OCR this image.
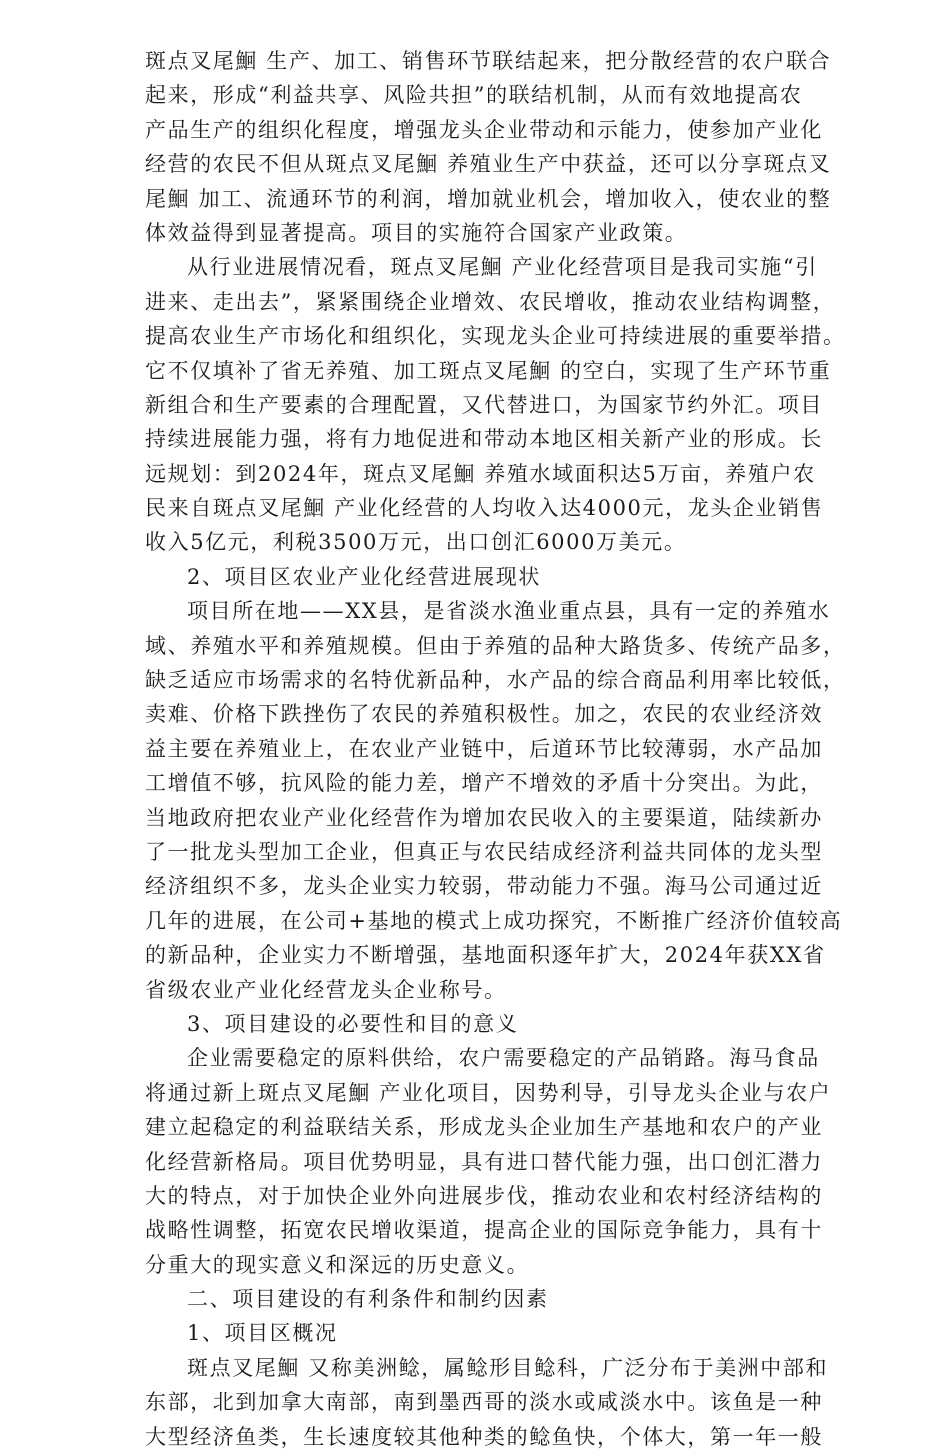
斑点叉尾鮰 生产、加工、销售环节联结起来，把分散经营的农户联合
起来，形成“利益共享、风险共担”的联结机制，从而有效地提高农
产品生产的组织化程度，增强龙头企业带动和示能力，使参加产业化
经营的农民不但从斑点叉尾鮰 养殖业生产中获益，还可以分享斑点叉
尾鮰 加工、流通环节的利润，增加就业机会，增加收入，使农业的整
体效益得到显著提高。项目的实施符合国家产业政策。
从行业进展情况看，斑点叉尾鮰 产业化经营项目是我司实施“引
进来、走出去”，紧紧围绕企业增效、农民增收，推动农业结构调整，
提高农业生产市场化和组织化，实现龙头企业可持续进展的重要举措。
它不仅填补了省无养殖、加工斑点叉尾鮰 的空白，实现了生产环节重
新组合和生产要素的合理配置，又代替进口，为国家节约外汇。项目
持续进展能力强，将有力地促进和带动本地区相关新产业的形成。长
远规划：到2024年，斑点叉尾鮰 养殖水域面积达5万亩，养殖户农
民来自斑点叉尾鮰 产业化经营的人均收入达4000元，龙头企业销售
收入5亿元，利税3500万元，出口创汇6000万美元。
2、项目区农业产业化经营进展现状
项目所在地——XX县，是省淡水渔业重点县，具有一定的养殖水
域、养殖水平和养殖规模。但由于养殖的品种大路货多、传统产品多，
缺乏适应市场需求的名特优新品种，水产品的综合商品利用率比较低，
卖难、价格下跌挫伤了农民的养殖积极性。加之，农民的农业经济效
益主要在养殖业上，在农业产业链中，后道环节比较薄弱，水产品加
工增值不够，抗风险的能力差，增产不增效的矛盾十分突出。为此，
当地政府把农业产业化经营作为增加农民收入的主要渠道，陆续新办
了一批龙头型加工企业，但真正与农民结成经济利益共同体的龙头型
经济组织不多，龙头企业实力较弱，带动能力不强。海马公司通过近
几年的进展，在公司+基地的模式上成功探究，不断推广经济价值较高
的新品种，企业实力不断增强，基地面积逐年扩大，2024年获XX省
省级农业产业化经营龙头企业称号。
3、项目建设的必要性和目的意义
企业需要稳定的原料供给，农户需要稳定的产品销路。海马食品
将通过新上斑点叉尾鮰 产业化项目，因势利导，引导龙头企业与农户
建立起稳定的利益联结关系，形成龙头企业加生产基地和农户的产业
化经营新格局。项目优势明显，具有进口替代能力强，出口创汇潜力
大的特点，对于加快企业外向进展步伐，推动农业和农村经济结构的
战略性调整，拓宽农民增收渠道，提高企业的国际竞争能力，具有十
分重大的现实意义和深远的历史意义。
二、项目建设的有利条件和制约因素
1、项目区概况
斑点叉尾鮰 又称美洲鲶，属鲶形目鲶科，广泛分布于美洲中部和
东部，北到加拿大南部，南到墨西哥的淡水或咸淡水中。该鱼是一种
大型经济鱼类，生长速度较其他种类的鲶鱼快，个体大，第一年一般
